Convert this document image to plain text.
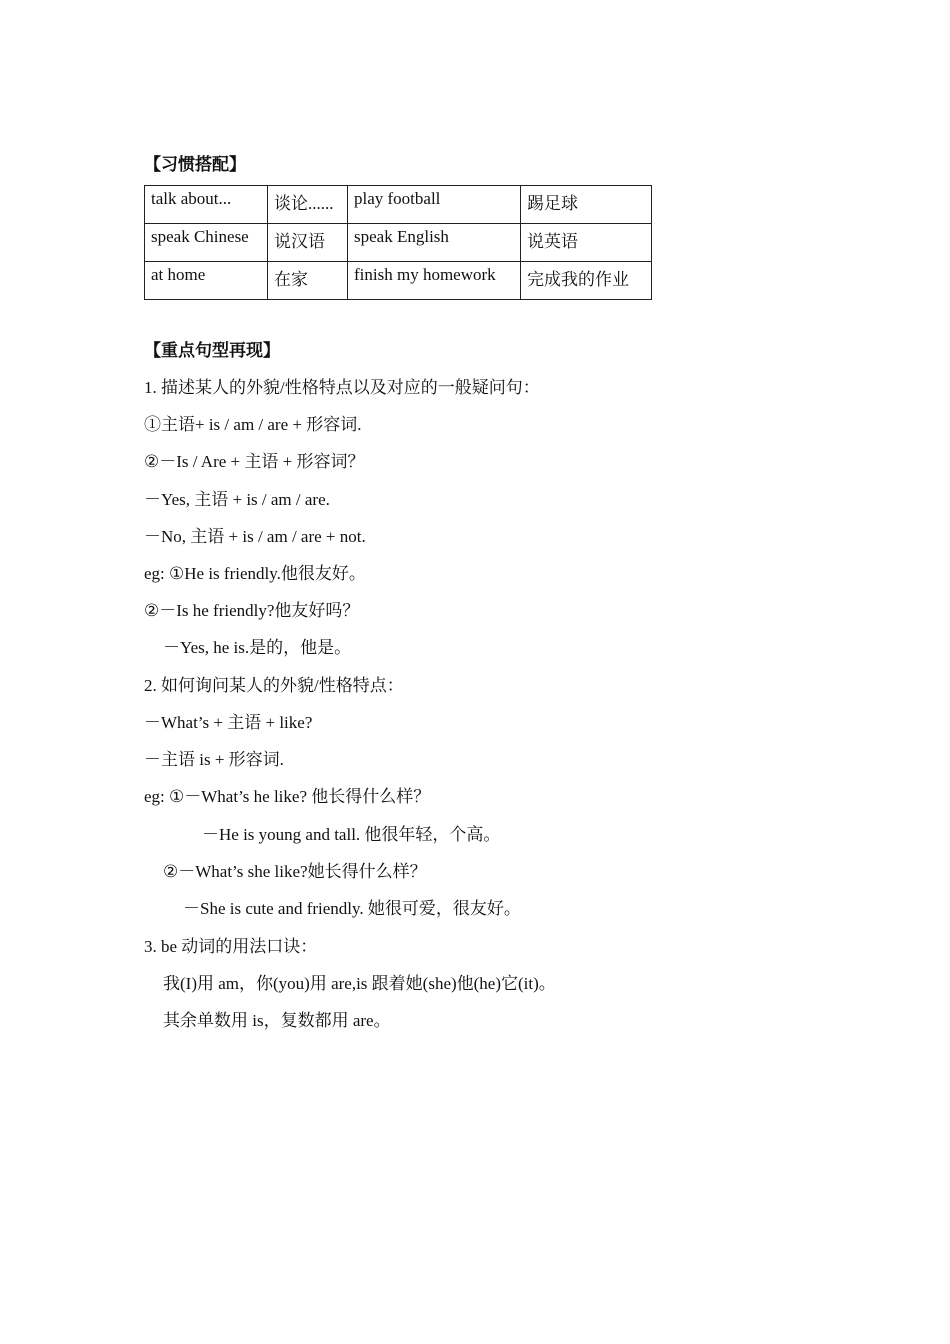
【习惯搭配】
talk about...	谈论......	play football	踢足球
speak Chinese	说汉语	speak English	说英语
at home	在家	finish my homework	完成我的作业
【重点句型再现】
1. 描述某人的外貌/性格特点以及对应的一般疑问句：
①主语+ is / am / are + 形容词.
②－Is / Are + 主语 + 形容词？
－Yes, 主语 + is / am / are.
－No, 主语 + is / am / are + not.
eg: ①He is friendly.他很友好。
②－Is he friendly?他友好吗？
－Yes, he is.是的，他是。
2. 如何询问某人的外貌/性格特点：
－What’s + 主语 + like?
－主语 is + 形容词.
eg: ①－What’s he like? 他长得什么样？
－He is young and tall. 他很年轻，个高。
②－What’s she like?她长得什么样？
－She is cute and friendly. 她很可爱，很友好。
3. be 动词的用法口诀：
我(I)用 am，你(you)用 are,is 跟着她(she)他(he)它(it)。
其余单数用 is，复数都用 are。
